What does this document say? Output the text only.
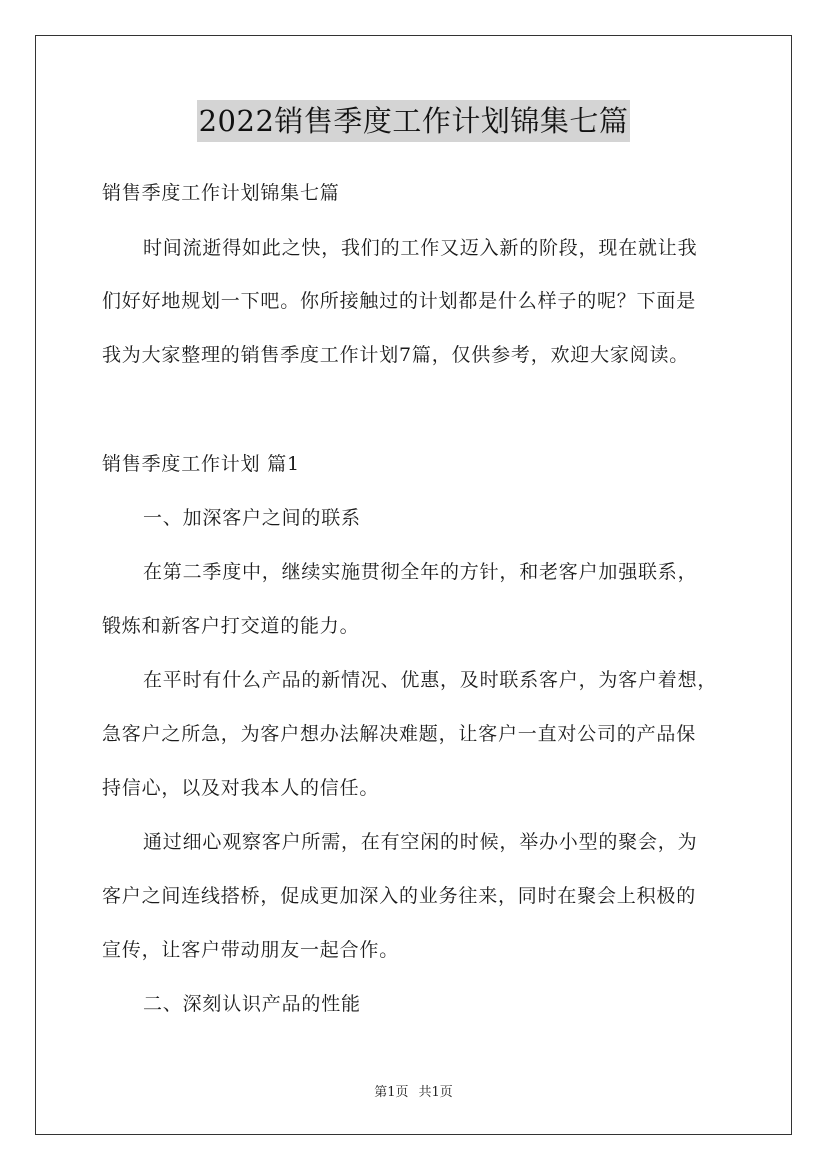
2022销售季度工作计划锦集七篇
销售季度工作计划锦集七篇
时间流逝得如此之快，我们的工作又迈入新的阶段，现在就让我
们好好地规划一下吧。你所接触过的计划都是什么样子的呢？下面是
我为大家整理的销售季度工作计划7篇，仅供参考，欢迎大家阅读。
销售季度工作计划 篇1
一、加深客户之间的联系
在第二季度中，继续实施贯彻全年的方针，和老客户加强联系，
锻炼和新客户打交道的能力。
在平时有什么产品的新情况、优惠，及时联系客户，为客户着想，
急客户之所急，为客户想办法解决难题，让客户一直对公司的产品保
持信心，以及对我本人的信任。
通过细心观察客户所需，在有空闲的时候，举办小型的聚会，为
客户之间连线搭桥，促成更加深入的业务往来，同时在聚会上积极的
宣传，让客户带动朋友一起合作。
二、深刻认识产品的性能
第1页 共1页
